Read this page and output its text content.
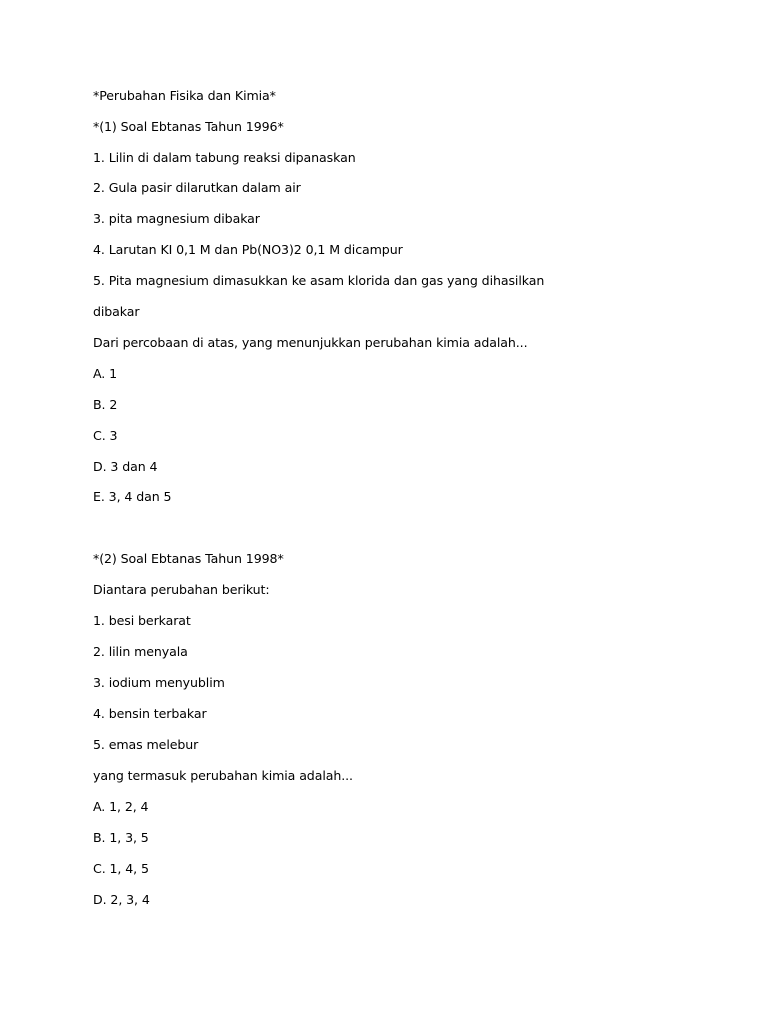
*Perubahan Fisika dan Kimia*
*(1) Soal Ebtanas Tahun 1996*
1. Lilin di dalam tabung reaksi dipanaskan
2. Gula pasir dilarutkan dalam air
3. pita magnesium dibakar
4. Larutan KI 0,1 M dan Pb(NO3)2 0,1 M dicampur
5. Pita magnesium dimasukkan ke asam klorida dan gas yang dihasilkan
dibakar
Dari percobaan di atas, yang menunjukkan perubahan kimia adalah...
A. 1
B. 2
C. 3
D. 3 dan 4
E. 3, 4 dan 5
*(2) Soal Ebtanas Tahun 1998*
Diantara perubahan berikut:
1. besi berkarat
2. lilin menyala
3. iodium menyublim
4. bensin terbakar
5. emas melebur
yang termasuk perubahan kimia adalah...
A. 1, 2, 4
B. 1, 3, 5
C. 1, 4, 5
D. 2, 3, 4
